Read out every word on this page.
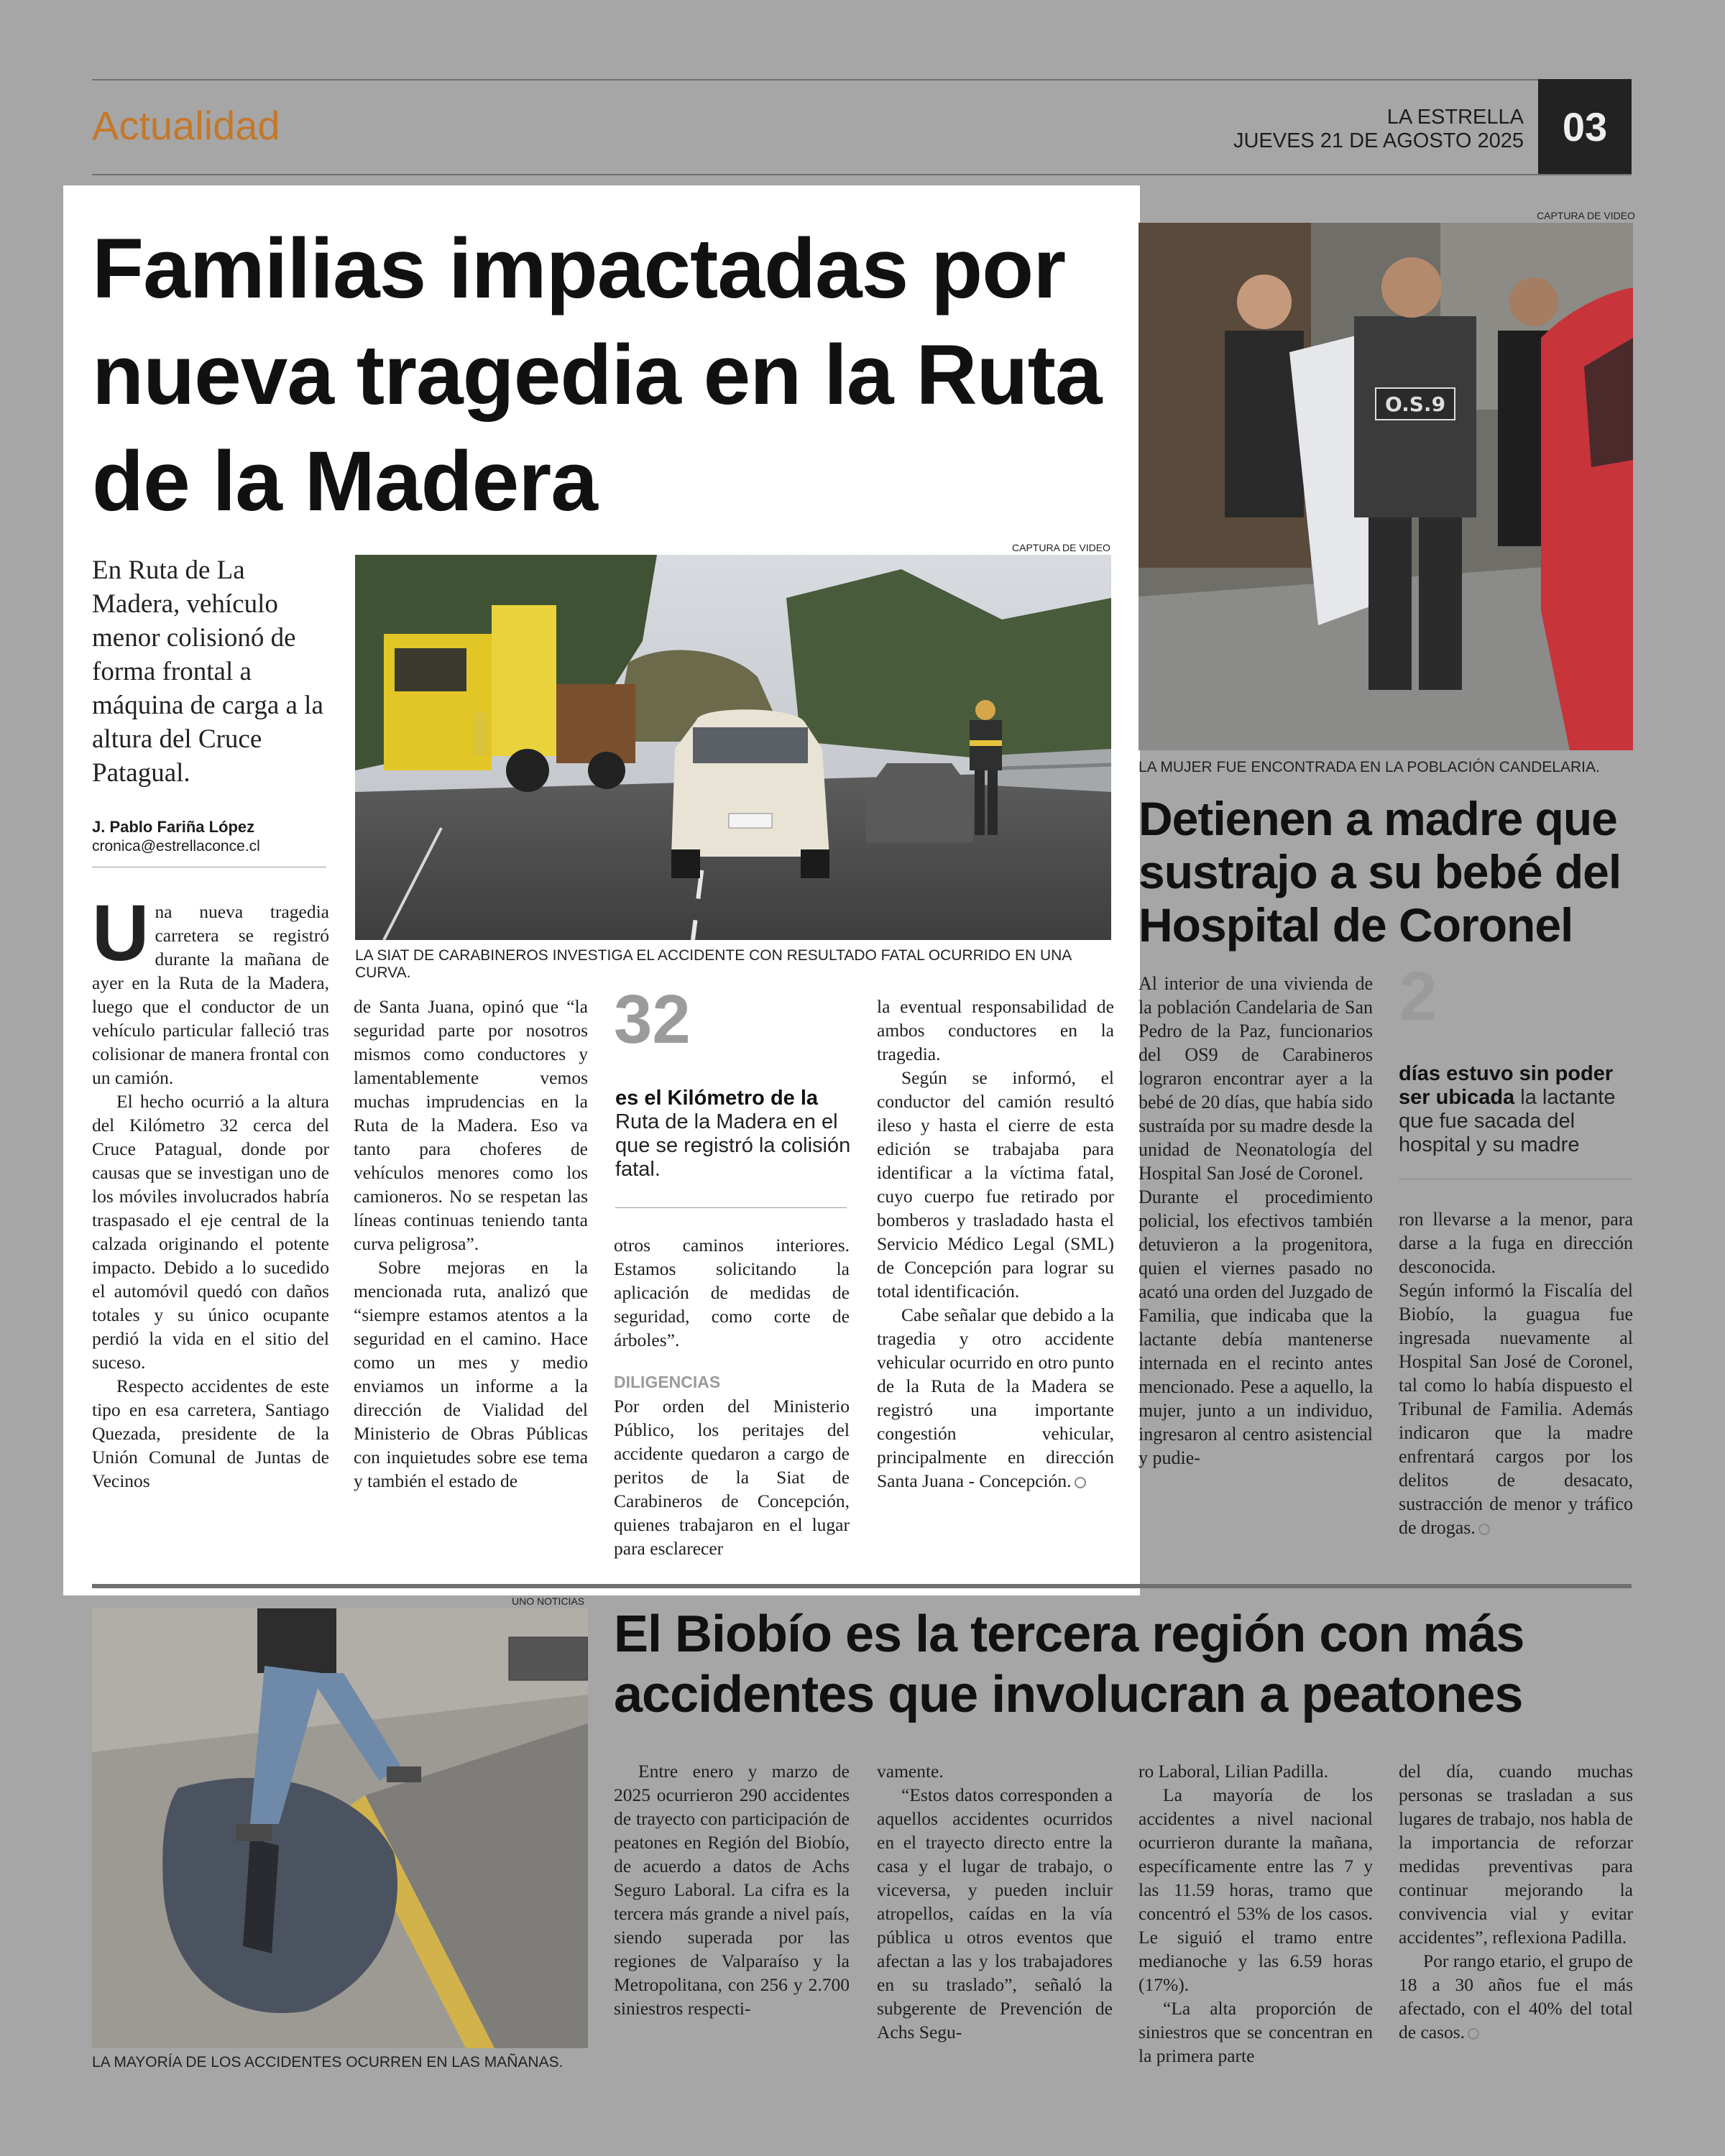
Actualidad	LA ESTRELLA
JUEVES 21 DE AGOSTO 2025 03
Familias impactadas por nueva tragedia en la Ruta de la Madera
En Ruta de La Madera, vehículo menor colisionó de forma frontal a máquina de carga a la altura del Cruce Patagual.
J. Pablo Fariña López
cronica@estrellaconce.cl
CAPTURA DE VIDEO
LA SIAT DE CARABINEROS INVESTIGA EL ACCIDENTE CON RESULTADO FATAL OCURRIDO EN UNA CURVA.

Una nueva tragedia carretera se registró durante la mañana de ayer en la Ruta de la Madera, luego que el conductor de un vehículo particular falleció tras colisionar de manera frontal con un camión.

El hecho ocurrió a la altura del Kilómetro 32 cerca del Cruce Patagual, donde por causas que se investigan uno de los móviles involucrados habría traspasado el eje central de la calzada originando el potente impacto. Debido a lo sucedido el automóvil quedó con daños totales y su único ocupante perdió la vida en el sitio del suceso.

Respecto accidentes de este tipo en esa carretera, Santiago Quezada, presidente de la Unión Comunal de Juntas de Vecinos

de Santa Juana, opinó que “la seguridad parte por nosotros mismos como conductores y lamentablemente vemos muchas imprudencias en la Ruta de la Madera. Eso va tanto para choferes de vehículos menores como los camioneros. No se respetan las líneas continuas teniendo tanta curva peligrosa”.

Sobre mejoras en la mencionada ruta, analizó que “siempre estamos atentos a la seguridad en el camino. Hace como un mes y medio enviamos un informe a la dirección de Vialidad del Ministerio de Obras Públicas con inquietudes sobre ese tema y también el estado de

32
es el Kilómetro de la Ruta de la Madera en el que se registró la colisión fatal.

otros caminos interiores. Estamos solicitando la aplicación de medidas de seguridad, como corte de árboles”.

DILIGENCIAS

Por orden del Ministerio Público, los peritajes del accidente quedaron a cargo de peritos de la Siat de Carabineros de Concepción, quienes trabajaron en el lugar para esclarecer

la eventual responsabilidad de ambos conductores en la tragedia.

Según se informó, el conductor del camión resultó ileso y hasta el cierre de esta edición se trabajaba para identificar a la víctima fatal, cuyo cuerpo fue retirado por bomberos y trasladado hasta el Servicio Médico Legal (SML) de Concepción para lograr su total identificación.

Cabe señalar que debido a la tragedia y otro accidente vehicular ocurrido en otro punto de la Ruta de la Madera se registró una importante congestión vehicular, principalmente en dirección Santa Juana - Concepción.

CAPTURA DE VIDEO
O.S.9
LA MUJER FUE ENCONTRADA EN LA POBLACIÓN CANDELARIA.
Detienen a madre que sustrajo a su bebé del Hospital de Coronel

Al interior de una vivienda de la población Candelaria de San Pedro de la Paz, funcionarios del OS9 de Carabineros lograron encontrar ayer a la bebé de 20 días, que había sido sustraída por su madre desde la unidad de Neonatología del Hospital San José de Coronel.

Durante el procedimiento policial, los efectivos también detuvieron a la progenitora, quien el viernes pasado no acató una orden del Juzgado de Familia, que indicaba que la lactante debía mantenerse internada en el recinto antes mencionado. Pese a aquello, la mujer, junto a un individuo, ingresaron al centro asistencial y pudie-

2
días estuvo sin poder ser ubicada la lactante que fue sacada del hospital y su madre

ron llevarse a la menor, para darse a la fuga en dirección desconocida.

Según informó la Fiscalía del Biobío, la guagua fue ingresada nuevamente al Hospital San José de Coronel, tal como lo había dispuesto el Tribunal de Familia. Además indicaron que la madre enfrentará cargos por los delitos de desacato, sustracción de menor y tráfico de drogas.

UNO NOTICIAS
LA MAYORÍA DE LOS ACCIDENTES OCURREN EN LAS MAÑANAS.
El Biobío es la tercera región con más accidentes que involucran a peatones

Entre enero y marzo de 2025 ocurrieron 290 accidentes de trayecto con participación de peatones en Región del Biobío, de acuerdo a datos de Achs Seguro Laboral. La cifra es la tercera más grande a nivel país, siendo superada por las regiones de Valparaíso y la Metropolitana, con 256 y 2.700 siniestros respecti-

vamente.

“Estos datos corresponden a aquellos accidentes ocurridos en el trayecto directo entre la casa y el lugar de trabajo, o viceversa, y pueden incluir atropellos, caídas en la vía pública u otros eventos que afectan a las y los trabajadores en su traslado”, señaló la subgerente de Prevención de Achs Segu-

ro Laboral, Lilian Padilla.

La mayoría de los accidentes a nivel nacional ocurrieron durante la mañana, específicamente entre las 7 y las 11.59 horas, tramo que concentró el 53% de los casos. Le siguió el tramo entre medianoche y las 6.59 horas (17%).

“La alta proporción de siniestros que se concentran en la primera parte

del día, cuando muchas personas se trasladan a sus lugares de trabajo, nos habla de la importancia de reforzar medidas preventivas para continuar mejorando la convivencia vial y evitar accidentes”, reflexiona Padilla.

Por rango etario, el grupo de 18 a 30 años fue el más afectado, con el 40% del total de casos.
